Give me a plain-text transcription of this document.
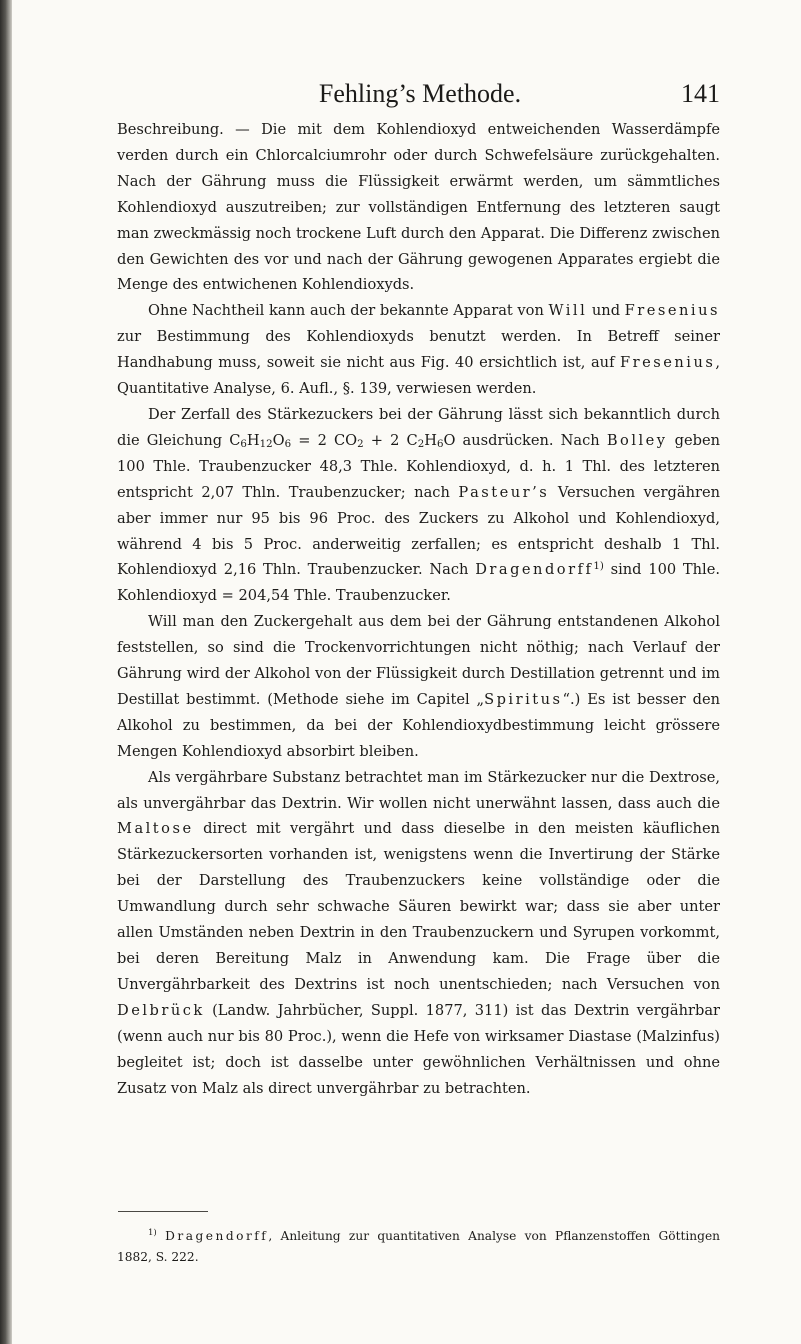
Fehling’s Methode.	141

Beschreibung. — Die mit dem Kohlendioxyd entweichenden Wasserdämpfe verden durch ein Chlorcalciumrohr oder durch Schwefelsäure zurückgehalten. Nach der Gährung muss die Flüssigkeit erwärmt werden, um sämmtliches Kohlendioxyd auszutreiben; zur vollständigen Entfernung des letzteren saugt man zweckmässig noch trockene Luft durch den Apparat. Die Differenz zwischen den Gewichten des vor und nach der Gährung gewogenen Apparates ergiebt die Menge des entwichenen Kohlendioxyds.

Ohne Nachtheil kann auch der bekannte Apparat von Will und Fresenius zur Bestimmung des Kohlendioxyds benutzt werden. In Betreff seiner Handhabung muss, soweit sie nicht aus Fig. 40 ersichtlich ist, auf Fresenius, Quantitative Analyse, 6. Aufl., §. 139, verwiesen werden.

Der Zerfall des Stärkezuckers bei der Gährung lässt sich bekanntlich durch die Gleichung $C_6H_{12}O_6 = 2$ $CO_2 + 2$ $C_2H_6O$ ausdrücken. Nach Bolley geben 100 Thle. Traubenzucker 48,3 Thle. Kohlendioxyd, d. h. 1 Thl. des letzteren entspricht 2,07 Thln. Traubenzucker; nach Pasteur’s Versuchen vergähren aber immer nur 95 bis 96 Proc. des Zuckers zu Alkohol und Kohlendioxyd, während 4 bis 5 Proc. anderweitig zerfallen; es entspricht deshalb 1 Thl. Kohlendioxyd 2,16 Thln. Traubenzucker. Nach Dragendorff$^{1)}$ sind 100 Thle. Kohlendioxyd = 204,54 Thle. Traubenzucker.

Will man den Zuckergehalt aus dem bei der Gährung entstandenen Alkohol feststellen, so sind die Trockenvorrichtungen nicht nöthig; nach Verlauf der Gährung wird der Alkohol von der Flüssigkeit durch Destillation getrennt und im Destillat bestimmt. (Methode siehe im Capitel „Spiritus“.) Es ist besser den Alkohol zu bestimmen, da bei der Kohlendioxydbestimmung leicht grössere Mengen Kohlendioxyd absorbirt bleiben.

Als vergährbare Substanz betrachtet man im Stärkezucker nur die Dextrose, als unvergährbar das Dextrin. Wir wollen nicht unerwähnt lassen, dass auch die Maltose direct mit vergährt und dass dieselbe in den meisten käuflichen Stärkezuckersorten vorhanden ist, wenigstens wenn die Invertirung der Stärke bei der Darstellung des Traubenzuckers keine vollständige oder die Umwandlung durch sehr schwache Säuren bewirkt war; dass sie aber unter allen Umständen neben Dextrin in den Traubenzuckern und Syrupen vorkommt, bei deren Bereitung Malz in Anwendung kam. Die Frage über die Unvergährbarkeit des Dextrins ist noch unentschieden; nach Versuchen von Delbrück (Landw. Jahrbücher, Suppl. 1877, 311) ist das Dextrin vergährbar (wenn auch nur bis 80 Proc.), wenn die Hefe von wirksamer Diastase (Malzinfus) begleitet ist; doch ist dasselbe unter gewöhnlichen Verhältnissen und ohne Zusatz von Malz als direct unvergährbar zu betrachten.

$^{1)}$ Dragendorff, Anleitung zur quantitativen Analyse von Pflanzenstoffen Göttingen 1882, S. 222.
